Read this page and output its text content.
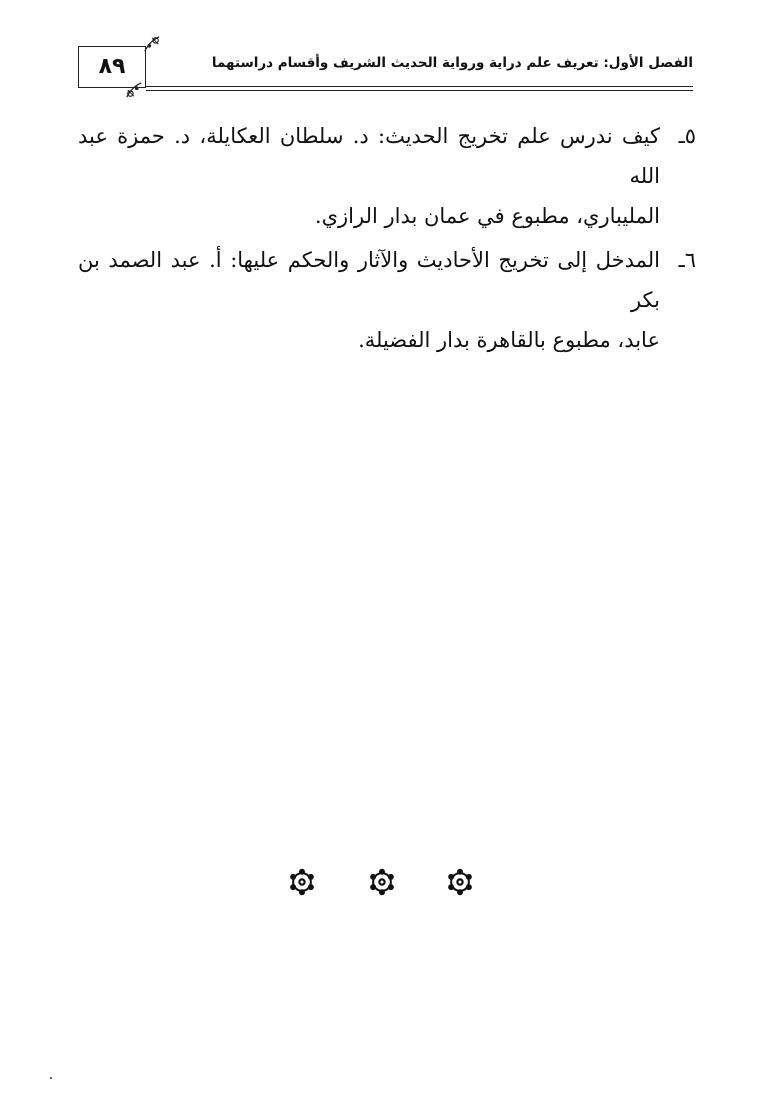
٨٩	الفصل الأول: تعريف علم دراية ورواية الحديث الشريف وأقسام دراستهما
٥ـ
كيف ندرس علم تخريج الحديث: د. سلطان العكايلة، د. حمزة عبد الله
المليباري، مطبوع في عمان بدار الرازي.
٦ـ
المدخل إلى تخريج الأحاديث والآثار والحكم عليها: أ. عبد الصمد بن بكر
عابد، مطبوع بالقاهرة بدار الفضيلة.
